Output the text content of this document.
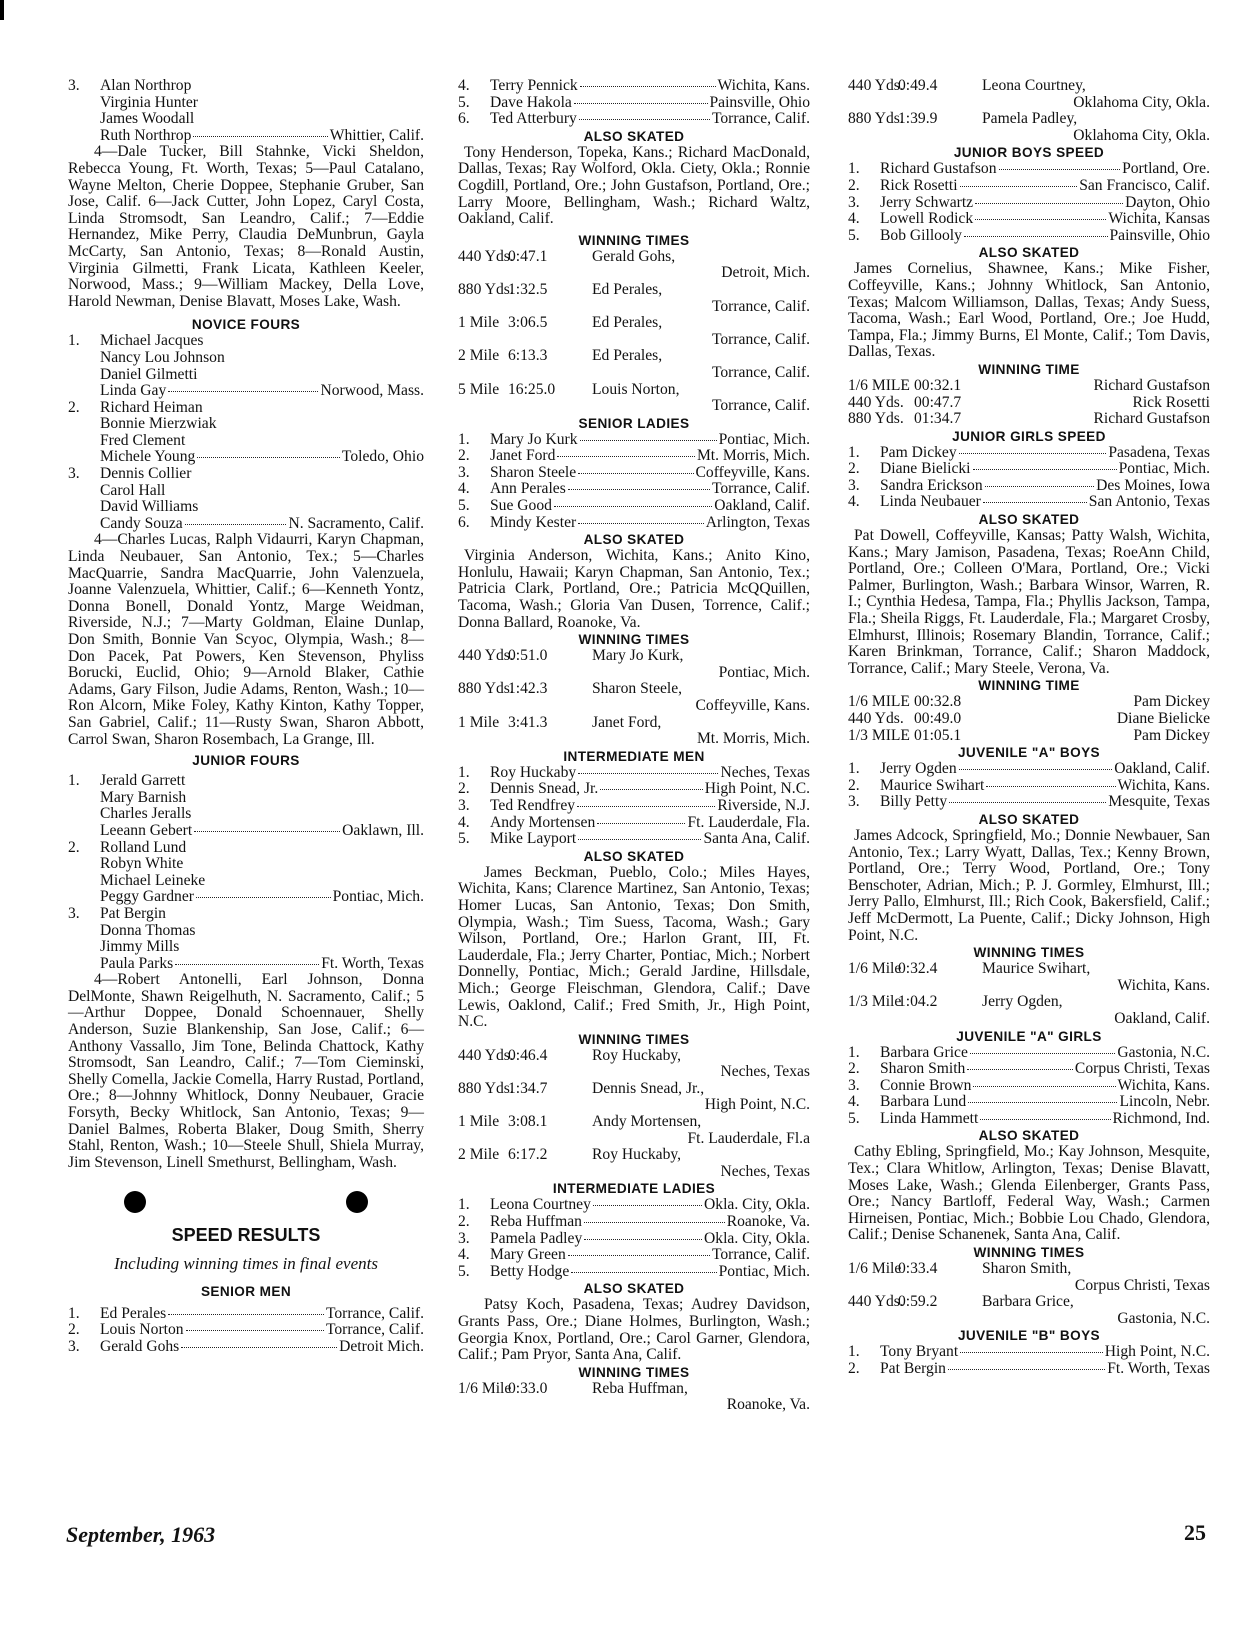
3.	Alan Northrop
Virginia Hunter
James Woodall
Ruth Northrop	Whittier, Calif.

4—Dale Tucker, Bill Stahnke, Vicki Sheldon, Rebecca Young, Ft. Worth, Texas; 5—Paul Catalano, Wayne Melton, Cherie Doppee, Stephanie Gruber, San Jose, Calif. 6—Jack Cutter, John Lopez, Caryl Costa, Linda Stromsodt, San Leandro, Calif.; 7—Eddie Hernandez, Mike Perry, Claudia DeMunbrun, Gayla McCarty, San Antonio, Texas; 8—Ronald Austin, Virginia Gilmetti, Frank Licata, Kathleen Keeler, Norwood, Mass.; 9—William Mackey, Della Love, Harold Newman, Denise Blavatt, Moses Lake, Wash.

NOVICE FOURS
1.	Michael Jacques
Nancy Lou Johnson
Daniel Gilmetti
Linda Gay	Norwood, Mass.
2.	Richard Heiman
Bonnie Mierzwiak
Fred Clement
Michele Young	Toledo, Ohio
3.	Dennis Collier
Carol Hall
David Williams
Candy Souza	N. Sacramento, Calif.

4—Charles Lucas, Ralph Vidaurri, Karyn Chapman, Linda Neubauer, San Antonio, Tex.; 5—Charles MacQuarrie, Sandra MacQuarrie, John Valenzuela, Joanne Valenzuela, Whittier, Calif.; 6—Kenneth Yontz, Donna Bonell, Donald Yontz, Marge Weidman, Riverside, N.J.; 7—Marty Goldman, Elaine Dunlap, Don Smith, Bonnie Van Scyoc, Olympia, Wash.; 8—Don Pacek, Pat Powers, Ken Stevenson, Phyliss Borucki, Euclid, Ohio; 9—Arnold Blaker, Cathie Adams, Gary Filson, Judie Adams, Renton, Wash.; 10—Ron Alcorn, Mike Foley, Kathy Kinton, Kathy Topper, San Gabriel, Calif.; 11—Rusty Swan, Sharon Abbott, Carrol Swan, Sharon Rosembach, La Grange, Ill.

JUNIOR FOURS
1.	Jerald Garrett
Mary Barnish
Charles Jeralls
Leeann Gebert	Oaklawn, Ill.
2.	Rolland Lund
Robyn White
Michael Leineke
Peggy Gardner	Pontiac, Mich.
3.	Pat Bergin
Donna Thomas
Jimmy Mills
Paula Parks	Ft. Worth, Texas

4—Robert Antonelli, Earl Johnson, Donna DelMonte, Shawn Reigelhuth, N. Sacramento, Calif.; 5—Arthur Doppee, Donald Schoennauer, Shelly Anderson, Suzie Blankenship, San Jose, Calif.; 6—Anthony Vassallo, Jim Tone, Belinda Chattock, Kathy Stromsodt, San Leandro, Calif.; 7—Tom Cieminski, Shelly Comella, Jackie Comella, Harry Rustad, Portland, Ore.; 8—Johnny Whitlock, Donny Neubauer, Gracie Forsyth, Becky Whitlock, San Antonio, Texas; 9—Daniel Balmes, Roberta Blaker, Doug Smith, Sherry Stahl, Renton, Wash.; 10—Steele Shull, Shiela Murray, Jim Stevenson, Linell Smethurst, Bellingham, Wash.

SPEED RESULTS
Including winning times in final events
SENIOR MEN
1.	Ed Perales	Torrance, Calif.
2.	Louis Norton	Torrance, Calif.
3.	Gerald Gohs	Detroit Mich.
4.	Terry Pennick	Wichita, Kans.
5.	Dave Hakola	Painsville, Ohio
6.	Ted Atterbury	Torrance, Calif.
ALSO SKATED

Tony Henderson, Topeka, Kans.; Richard MacDonald, Dallas, Texas; Ray Wolford, Okla. Ciety, Okla.; Ronnie Cogdill, Portland, Ore.; John Gustafson, Portland, Ore.; Larry Moore, Bellingham, Wash.; Richard Waltz, Oakland, Calif.

WINNING TIMES
440 Yds.
0:47.1	Gerald Gohs,
Detroit, Mich.
880 Yds.
1:32.5	Ed Perales,
Torrance, Calif.
1 Mile 3:06.5	Ed Perales,
Torrance, Calif.
2 Mile 6:13.3	Ed Perales,
Torrance, Calif.
5 Mile 16:25.0	Louis Norton,
Torrance, Calif.
SENIOR LADIES
1.	Mary Jo Kurk	Pontiac, Mich.
2.	Janet Ford	Mt. Morris, Mich.
3.	Sharon Steele	Coffeyville, Kans.
4.	Ann Perales	Torrance, Calif.
5.	Sue Good	Oakland, Calif.
6.	Mindy Kester	Arlington, Texas
ALSO SKATED

Virginia Anderson, Wichita, Kans.; Anito Kino, Honlulu, Hawaii; Karyn Chapman, San Antonio, Tex.; Patricia Clark, Portland, Ore.; Patricia McQQuillen, Tacoma, Wash.; Gloria Van Dusen, Torrence, Calif.; Donna Ballard, Roanoke, Va.

WINNING TIMES
440 Yds.
0:51.0	Mary Jo Kurk,
Pontiac, Mich.
880 Yds.
1:42.3	Sharon Steele,
Coffeyville, Kans.
1 Mile 3:41.3	Janet Ford,
Mt. Morris, Mich.
INTERMEDIATE MEN
1.	Roy Huckaby	Neches, Texas
2.	Dennis Snead, Jr.	High Point, N.C.
3.	Ted Rendfrey	Riverside, N.J.
4.	Andy Mortensen	Ft. Lauderdale, Fla.
5.	Mike Layport	Santa Ana, Calif.
ALSO SKATED

James Beckman, Pueblo, Colo.; Miles Hayes, Wichita, Kans; Clarence Martinez, San Antonio, Texas; Homer Lucas, San Antonio, Texas; Don Smith, Olympia, Wash.; Tim Suess, Tacoma, Wash.; Gary Wilson, Portland, Ore.; Harlon Grant, III, Ft. Lauderdale, Fla.; Jerry Charter, Pontiac, Mich.; Norbert Donnelly, Pontiac, Mich.; Gerald Jardine, Hillsdale, Mich.; George Fleischman, Glendora, Calif.; Dave Lewis, Oaklond, Calif.; Fred Smith, Jr., High Point, N.C.

WINNING TIMES
440 Yds.
0:46.4	Roy Huckaby,
Neches, Texas
880 Yds.
1:34.7	Dennis Snead, Jr.,
High Point, N.C.
1 Mile 3:08.1	Andy Mortensen,
Ft. Lauderdale, Fl.a
2 Mile 6:17.2	Roy Huckaby,
Neches, Texas
INTERMEDIATE LADIES
1.	Leona Courtney	Okla. City, Okla.
2.	Reba Huffman	Roanoke, Va.
3.	Pamela Padley	Okla. City, Okla.
4.	Mary Green	Torrance, Calif.
5.	Betty Hodge	Pontiac, Mich.
ALSO SKATED

Patsy Koch, Pasadena, Texas; Audrey Davidson, Grants Pass, Ore.; Diane Holmes, Burlington, Wash.; Georgia Knox, Portland, Ore.; Carol Garner, Glendora, Calif.; Pam Pryor, Santa Ana, Calif.

WINNING TIMES
1/6 Mile
0:33.0	Reba Huffman,
Roanoke, Va.
440 Yds.
0:49.4	Leona Courtney,
Oklahoma City, Okla.
880 Yds.
1:39.9	Pamela Padley,
Oklahoma City, Okla.
JUNIOR BOYS SPEED
1.	Richard Gustafson	Portland, Ore.
2.	Rick Rosetti	San Francisco, Calif.
3.	Jerry Schwartz	Dayton, Ohio
4.	Lowell Rodick	Wichita, Kansas
5.	Bob Gillooly	Painsville, Ohio
ALSO SKATED

James Cornelius, Shawnee, Kans.; Mike Fisher, Coffeyville, Kans.; Johnny Whitlock, San Antonio, Texas; Malcom Williamson, Dallas, Texas; Andy Suess, Tacoma, Wash.; Earl Wood, Portland, Ore.; Joe Hudd, Tampa, Fla.; Jimmy Burns, El Monte, Calif.; Tom Davis, Dallas, Texas.

WINNING TIME
1/6 MILE 00:32.1	Richard Gustafson
440 Yds. 00:47.7	Rick Rosetti
880 Yds. 01:34.7	Richard Gustafson
JUNIOR GIRLS SPEED
1.	Pam Dickey	Pasadena, Texas
2.	Diane Bielicki	Pontiac, Mich.
3.	Sandra Erickson	Des Moines, Iowa
4.	Linda Neubauer	San Antonio, Texas
ALSO SKATED

Pat Dowell, Coffeyville, Kansas; Patty Walsh, Wichita, Kans.; Mary Jamison, Pasadena, Texas; RoeAnn Child, Portland, Ore.; Colleen O'Mara, Portland, Ore.; Vicki Palmer, Burlington, Wash.; Barbara Winsor, Warren, R. I.; Cynthia Hedesa, Tampa, Fla.; Phyllis Jackson, Tampa, Fla.; Sheila Riggs, Ft. Lauderdale, Fla.; Margaret Crosby, Elmhurst, Illinois; Rosemary Blandin, Torrance, Calif.; Karen Brinkman, Torrance, Calif.; Sharon Maddock, Torrance, Calif.; Mary Steele, Verona, Va.

WINNING TIME
1/6 MILE 00:32.8	Pam Dickey
440 Yds. 00:49.0	Diane Bielicke
1/3 MILE 01:05.1	Pam Dickey
JUVENILE "A" BOYS
1.	Jerry Ogden	Oakland, Calif.
2.	Maurice Swihart	Wichita, Kans.
3.	Billy Petty	Mesquite, Texas
ALSO SKATED

James Adcock, Springfield, Mo.; Donnie Newbauer, San Antonio, Tex.; Larry Wyatt, Dallas, Tex.; Kenny Brown, Portland, Ore.; Terry Wood, Portland, Ore.; Tony Benschoter, Adrian, Mich.; P. J. Gormley, Elmhurst, Ill.; Jerry Pallo, Elmhurst, Ill.; Rich Cook, Bakersfield, Calif.; Jeff McDermott, La Puente, Calif.; Dicky Johnson, High Point, N.C.

WINNING TIMES
1/6 Mile
0:32.4	Maurice Swihart,
Wichita, Kans.
1/3 Mile
1:04.2	Jerry Ogden,
Oakland, Calif.
JUVENILE "A" GIRLS
1.	Barbara Grice	Gastonia, N.C.
2.	Sharon Smith	Corpus Christi, Texas
3.	Connie Brown	Wichita, Kans.
4.	Barbara Lund	Lincoln, Nebr.
5.	Linda Hammett	Richmond, Ind.
ALSO SKATED

Cathy Ebling, Springfield, Mo.; Kay Johnson, Mesquite, Tex.; Clara Whitlow, Arlington, Texas; Denise Blavatt, Moses Lake, Wash.; Glenda Eilenberger, Grants Pass, Ore.; Nancy Bartloff, Federal Way, Wash.; Carmen Hirneisen, Pontiac, Mich.; Bobbie Lou Chado, Glendora, Calif.; Denise Schanenek, Santa Ana, Calif.

WINNING TIMES
1/6 Mile
0:33.4	Sharon Smith,
Corpus Christi, Texas
440 Yds.
0:59.2	Barbara Grice,
Gastonia, N.C.
JUVENILE "B" BOYS
1.	Tony Bryant	High Point, N.C.
2.	Pat Bergin	Ft. Worth, Texas
September, 1963	25
